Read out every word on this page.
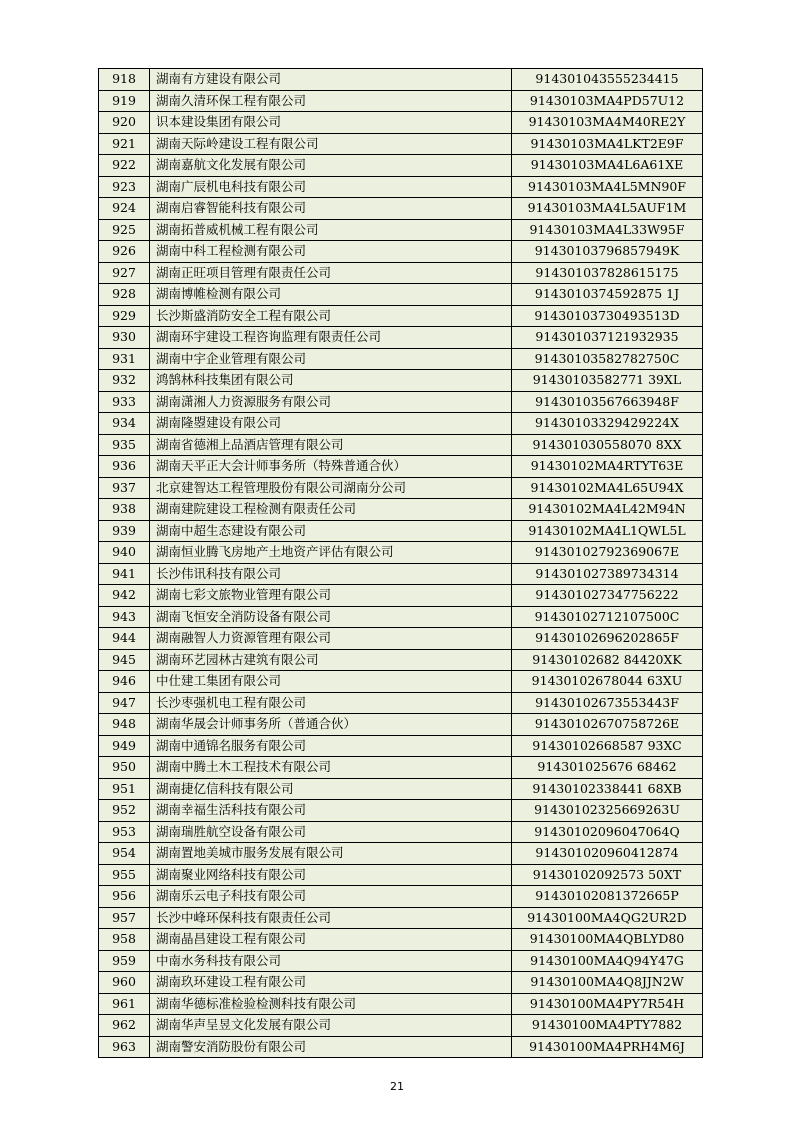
918	湖南有方建设有限公司	914301043555234415
919	湖南久清环保工程有限公司	91430103MA4PD57U12
920	识本建设集团有限公司	91430103MA4M40RE2Y
921	湖南天际岭建设工程有限公司	91430103MA4LKT2E9F
922	湖南嘉航文化发展有限公司	91430103MA4L6A61XE
923	湖南广辰机电科技有限公司	91430103MA4L5MN90F
924	湖南启睿智能科技有限公司	91430103MA4L5AUF1M
925	湖南拓普威机械工程有限公司	91430103MA4L33W95F
926	湖南中科工程检测有限公司	91430103796857949K
927	湖南正旺项目管理有限责任公司	914301037828615175
928	湖南博帷检测有限公司	9143010374592875 1J
929	长沙斯盛消防安全工程有限公司	91430103730493513D
930	湖南环宇建设工程咨询监理有限责任公司	914301037121932935
931	湖南中宇企业管理有限公司	91430103582782750C
932	鸿鹄林科技集团有限公司	91430103582771 39XL
933	湖南潇湘人力资源服务有限公司	91430103567663948F
934	湖南隆曌建设有限公司	91430103329429224X
935	湖南省德湘上品酒店管理有限公司	914301030558070 8XX
936	湖南天平正大会计师事务所（特殊普通合伙）	91430102MA4RTYT63E
937	北京建智达工程管理股份有限公司湖南分公司	91430102MA4L65U94X
938	湖南建院建设工程检测有限责任公司	91430102MA4L42M94N
939	湖南中超生态建设有限公司	91430102MA4L1QWL5L
940	湖南恒业腾飞房地产土地资产评估有限公司	91430102792369067E
941	长沙伟讯科技有限公司	914301027389734314
942	湖南七彩文旅物业管理有限公司	914301027347756222
943	湖南飞恒安全消防设备有限公司	91430102712107500C
944	湖南融智人力资源管理有限公司	91430102696202865F
945	湖南环艺园林古建筑有限公司	91430102682 84420XK
946	中仕建工集团有限公司	91430102678044 63XU
947	长沙枣强机电工程有限公司	91430102673553443F
948	湖南华晟会计师事务所（普通合伙）	91430102670758726E
949	湖南中通锦名服务有限公司	91430102668587 93XC
950	湖南中腾土木工程技术有限公司	914301025676 68462
951	湖南捷亿信科技有限公司	91430102338441 68XB
952	湖南幸福生活科技有限公司	91430102325669263U
953	湖南瑞胜航空设备有限公司	91430102096047064Q
954	湖南置地美城市服务发展有限公司	914301020960412874
955	湖南聚业网络科技有限公司	91430102092573 50XT
956	湖南乐云电子科技有限公司	91430102081372665P
957	长沙中峰环保科技有限责任公司	91430100MA4QG2UR2D
958	湖南晶昌建设工程有限公司	91430100MA4QBLYD80
959	中南水务科技有限公司	91430100MA4Q94Y47G
960	湖南玖环建设工程有限公司	91430100MA4Q8JJN2W
961	湖南华德标准检验检测科技有限公司	91430100MA4PY7R54H
962	湖南华声呈昱文化发展有限公司	91430100MA4PTY7882
963	湖南警安消防股份有限公司	91430100MA4PRH4M6J
21
